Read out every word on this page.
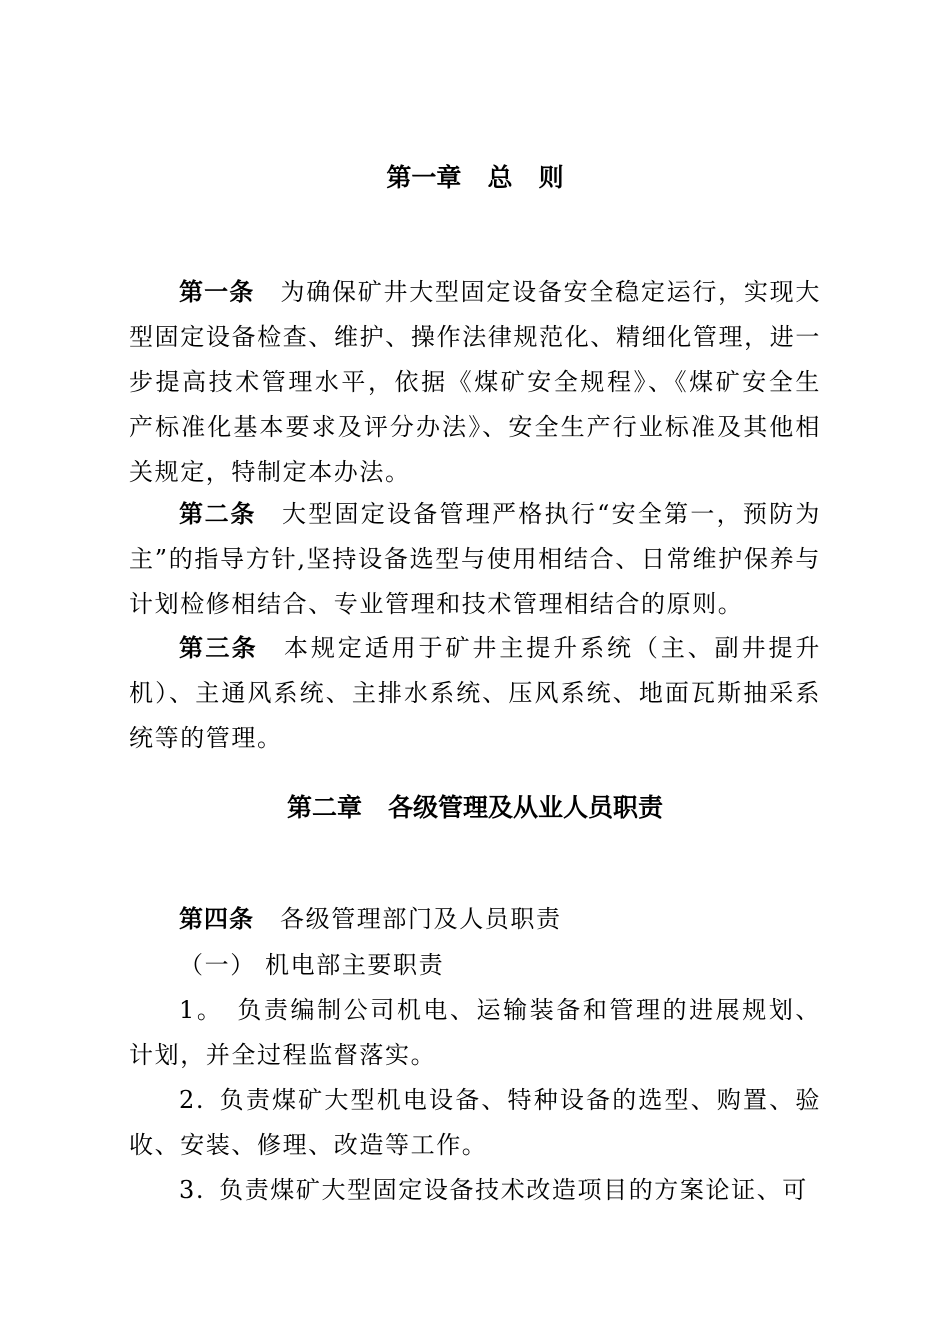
第一章   总   则
第一条 为确保矿井大型固定设备安全稳定运行，实现大型固定设备检查、维护、操作法律规范化、精细化管理，进一步提高技术管理水平，依据《煤矿安全规程》、《煤矿安全生产标准化基本要求及评分办法》、安全生产行业标准及其他相关规定，特制定本办法。
第二条 大型固定设备管理严格执行“安全第一，预防为主”的指导方针,坚持设备选型与使用相结合、日常维护保养与计划检修相结合、专业管理和技术管理相结合的原则。
第三条 本规定适用于矿井主提升系统（主、副井提升机）、主通风系统、主排水系统、压风系统、地面瓦斯抽采系统等的管理。
第二章   各级管理及从业人员职责
第四条 各级管理部门及人员职责
（一） 机电部主要职责
1。 负责编制公司机电、运输装备和管理的进展规划、计划，并全过程监督落实。
2. 负责煤矿大型机电设备、特种设备的选型、购置、验收、安装、修理、改造等工作。
3. 负责煤矿大型固定设备技术改造项目的方案论证、可
